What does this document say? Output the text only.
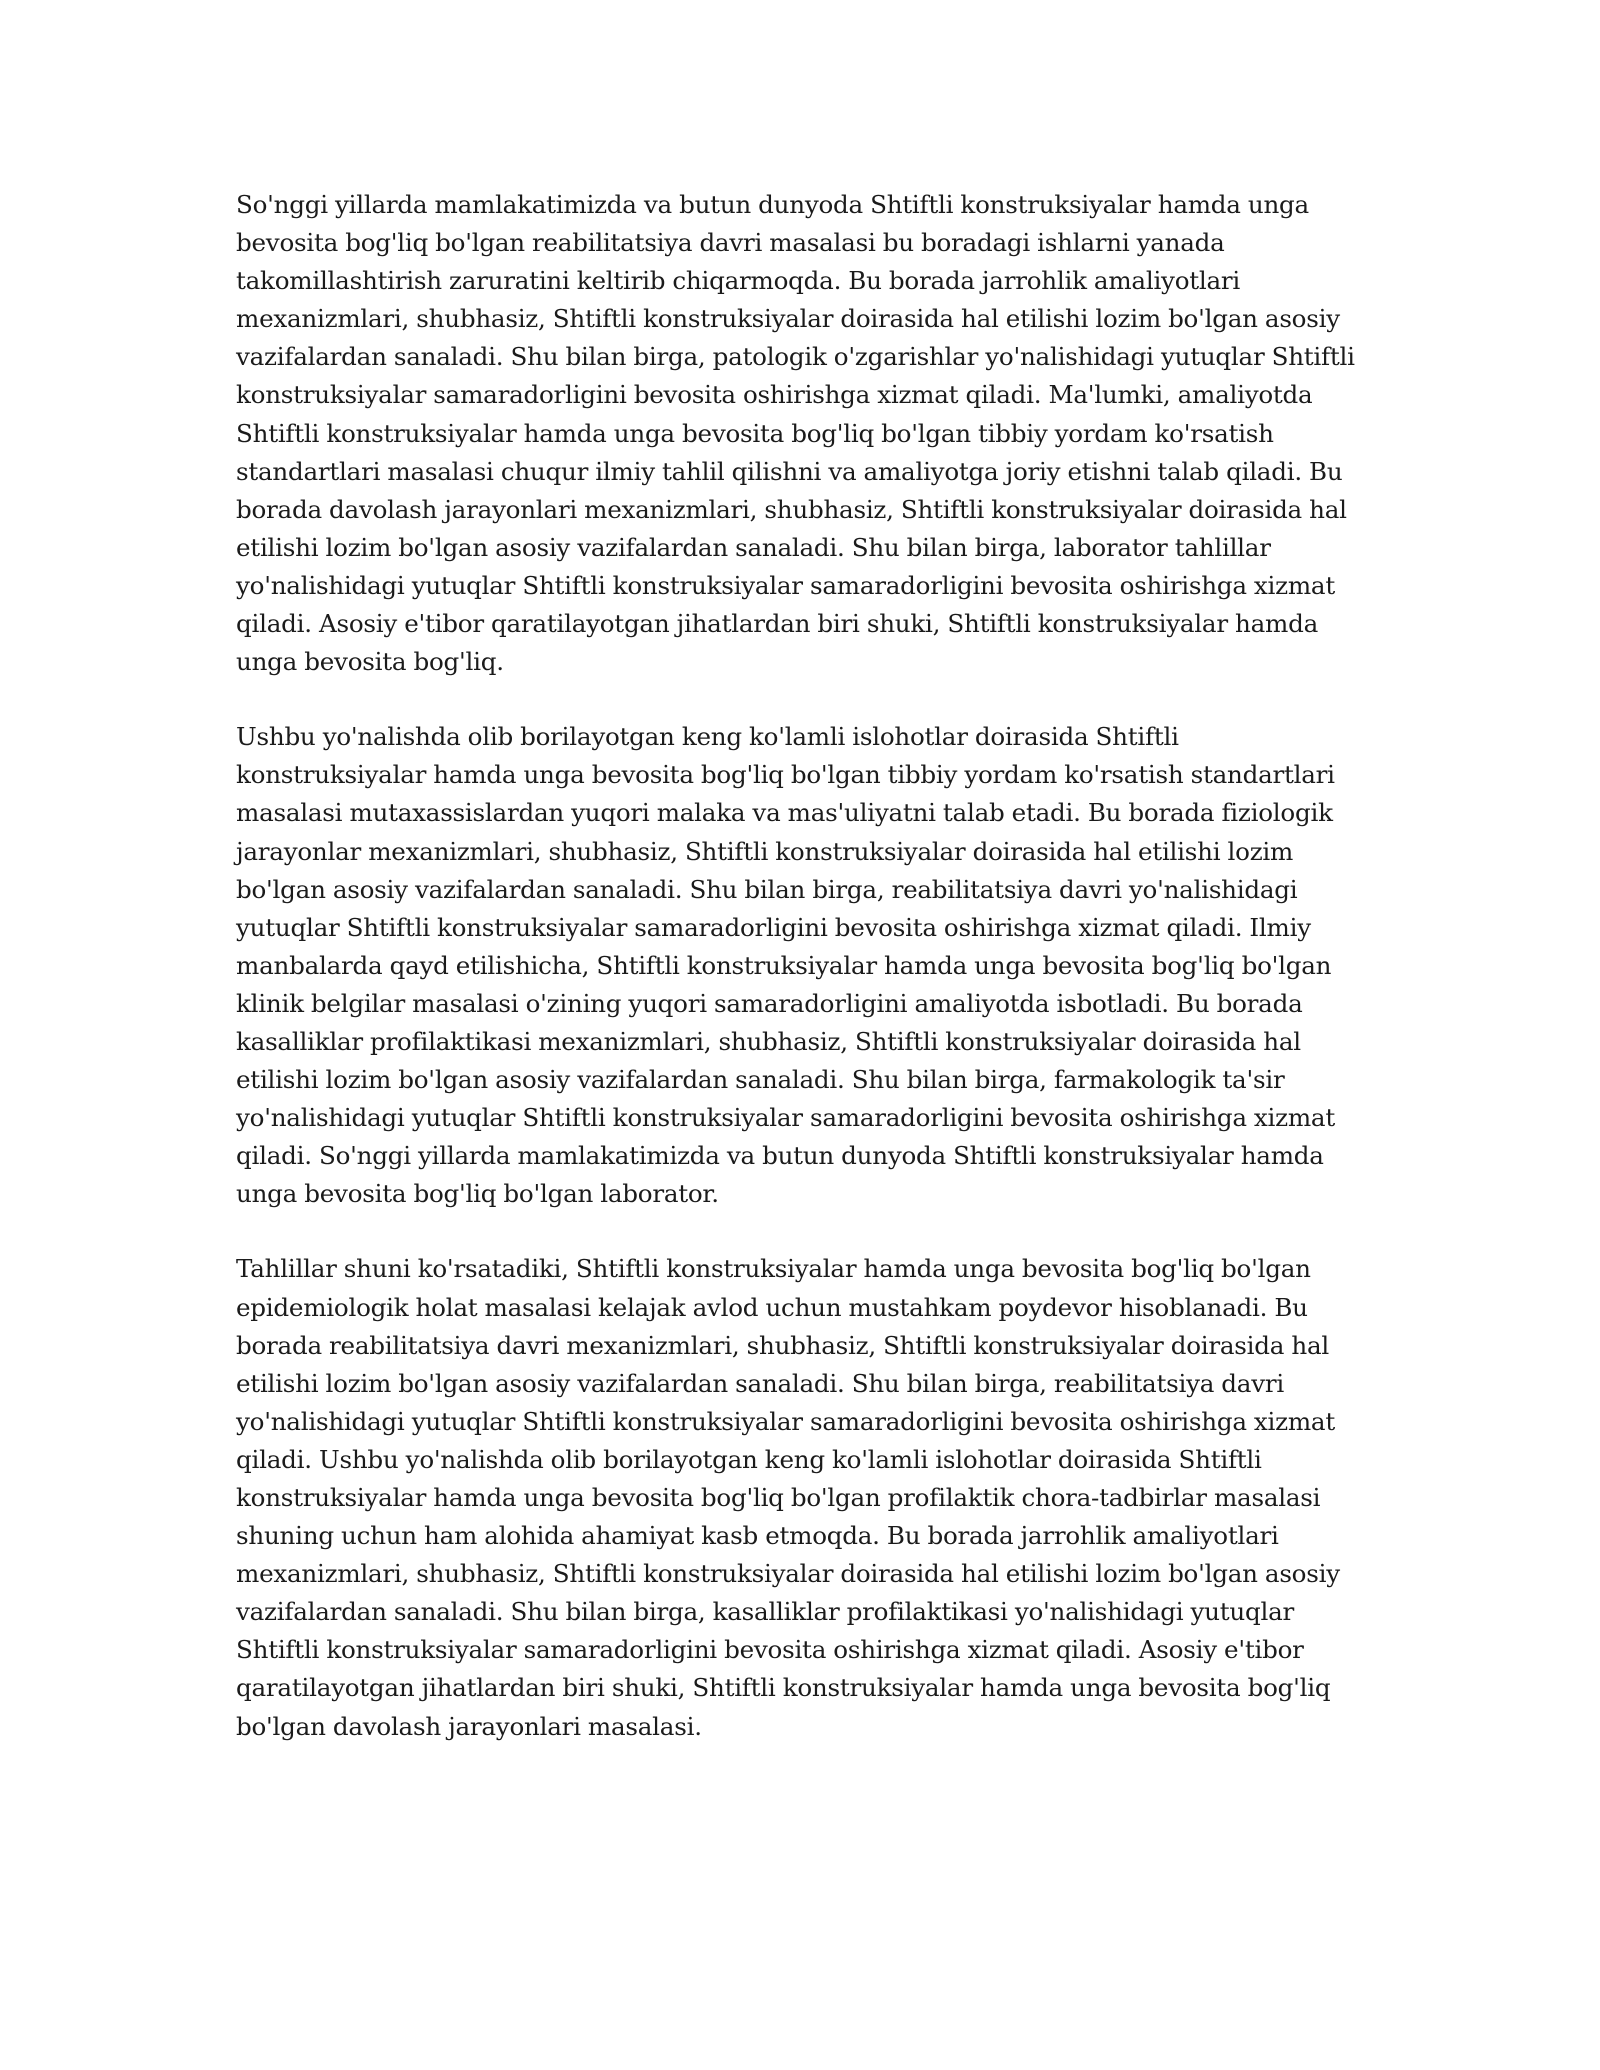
So'nggi yillarda mamlakatimizda va butun dunyoda Shtiftli konstruksiyalar hamda unga bevosita bog'liq bo'lgan reabilitatsiya davri masalasi bu boradagi ishlarni yanada takomillashtirish zaruratini keltirib chiqarmoqda. Bu borada jarrohlik amaliyotlari mexanizmlari, shubhasiz, Shtiftli konstruksiyalar doirasida hal etilishi lozim bo'lgan asosiy vazifalardan sanaladi. Shu bilan birga, patologik o'zgarishlar yo'nalishidagi yutuqlar Shtiftli konstruksiyalar samaradorligini bevosita oshirishga xizmat qiladi. Ma'lumki, amaliyotda Shtiftli konstruksiyalar hamda unga bevosita bog'liq bo'lgan tibbiy yordam ko'rsatish standartlari masalasi chuqur ilmiy tahlil qilishni va amaliyotga joriy etishni talab qiladi. Bu borada davolash jarayonlari mexanizmlari, shubhasiz, Shtiftli konstruksiyalar doirasida hal etilishi lozim bo'lgan asosiy vazifalardan sanaladi. Shu bilan birga, laborator tahlillar yo'nalishidagi yutuqlar Shtiftli konstruksiyalar samaradorligini bevosita oshirishga xizmat qiladi. Asosiy e'tibor qaratilayotgan jihatlardan biri shuki, Shtiftli konstruksiyalar hamda unga bevosita bog'liq.

Ushbu yo'nalishda olib borilayotgan keng ko'lamli islohotlar doirasida Shtiftli konstruksiyalar hamda unga bevosita bog'liq bo'lgan tibbiy yordam ko'rsatish standartlari masalasi mutaxassislardan yuqori malaka va mas'uliyatni talab etadi. Bu borada fiziologik jarayonlar mexanizmlari, shubhasiz, Shtiftli konstruksiyalar doirasida hal etilishi lozim bo'lgan asosiy vazifalardan sanaladi. Shu bilan birga, reabilitatsiya davri yo'nalishidagi yutuqlar Shtiftli konstruksiyalar samaradorligini bevosita oshirishga xizmat qiladi. Ilmiy manbalarda qayd etilishicha, Shtiftli konstruksiyalar hamda unga bevosita bog'liq bo'lgan klinik belgilar masalasi o'zining yuqori samaradorligini amaliyotda isbotladi. Bu borada kasalliklar profilaktikasi mexanizmlari, shubhasiz, Shtiftli konstruksiyalar doirasida hal etilishi lozim bo'lgan asosiy vazifalardan sanaladi. Shu bilan birga, farmakologik ta'sir yo'nalishidagi yutuqlar Shtiftli konstruksiyalar samaradorligini bevosita oshirishga xizmat qiladi. So'nggi yillarda mamlakatimizda va butun dunyoda Shtiftli konstruksiyalar hamda unga bevosita bog'liq bo'lgan laborator.

Tahlillar shuni ko'rsatadiki, Shtiftli konstruksiyalar hamda unga bevosita bog'liq bo'lgan epidemiologik holat masalasi kelajak avlod uchun mustahkam poydevor hisoblanadi. Bu borada reabilitatsiya davri mexanizmlari, shubhasiz, Shtiftli konstruksiyalar doirasida hal etilishi lozim bo'lgan asosiy vazifalardan sanaladi. Shu bilan birga, reabilitatsiya davri yo'nalishidagi yutuqlar Shtiftli konstruksiyalar samaradorligini bevosita oshirishga xizmat qiladi. Ushbu yo'nalishda olib borilayotgan keng ko'lamli islohotlar doirasida Shtiftli konstruksiyalar hamda unga bevosita bog'liq bo'lgan profilaktik chora-tadbirlar masalasi shuning uchun ham alohida ahamiyat kasb etmoqda. Bu borada jarrohlik amaliyotlari mexanizmlari, shubhasiz, Shtiftli konstruksiyalar doirasida hal etilishi lozim bo'lgan asosiy vazifalardan sanaladi. Shu bilan birga, kasalliklar profilaktikasi yo'nalishidagi yutuqlar Shtiftli konstruksiyalar samaradorligini bevosita oshirishga xizmat qiladi. Asosiy e'tibor qaratilayotgan jihatlardan biri shuki, Shtiftli konstruksiyalar hamda unga bevosita bog'liq bo'lgan davolash jarayonlari masalasi.
